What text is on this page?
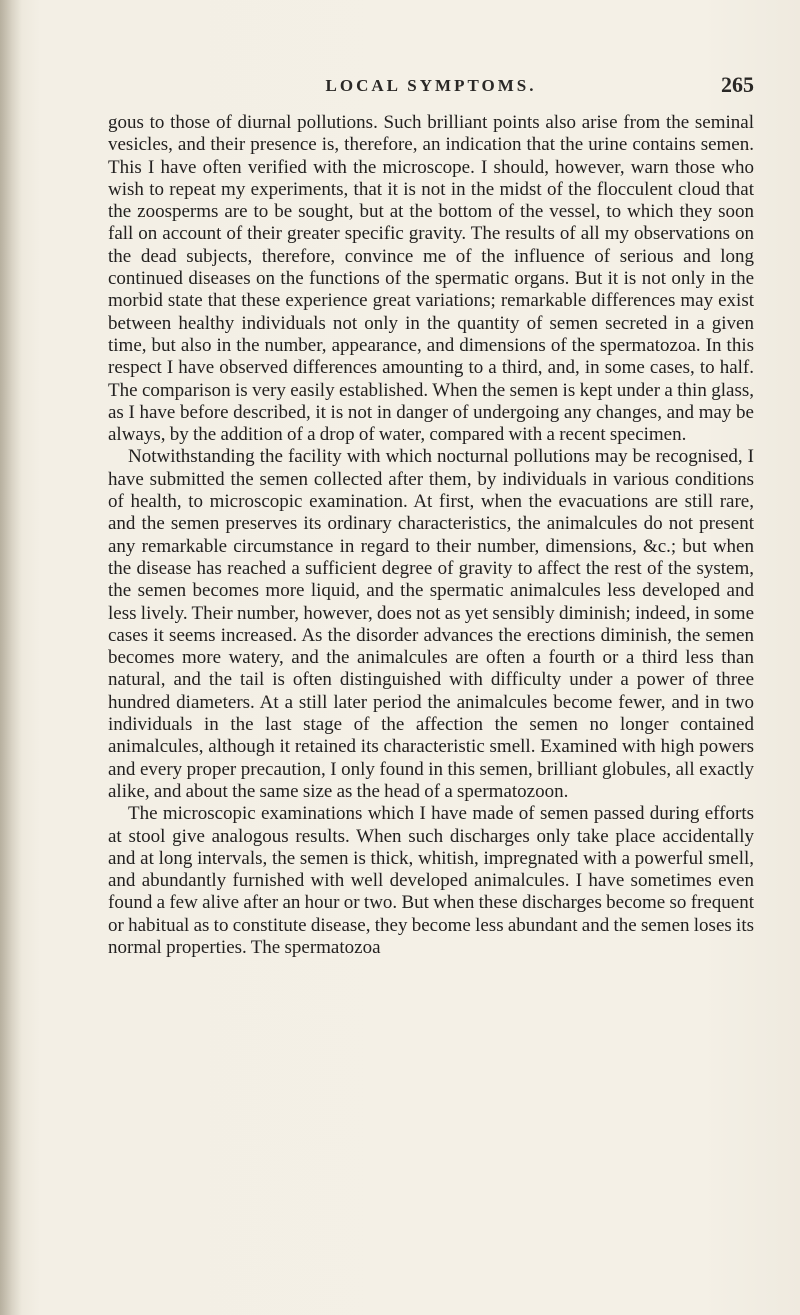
LOCAL SYMPTOMS.	265

gous to those of diurnal pollutions. Such brilliant points also arise from the seminal vesicles, and their presence is, therefore, an indication that the urine contains semen. This I have often verified with the microscope. I should, however, warn those who wish to repeat my experiments, that it is not in the midst of the flocculent cloud that the zoosperms are to be sought, but at the bottom of the vessel, to which they soon fall on account of their greater specific gravity. The results of all my observations on the dead subjects, therefore, convince me of the influence of serious and long continued diseases on the functions of the spermatic organs. But it is not only in the morbid state that these experience great variations; remarkable differences may exist between healthy individuals not only in the quantity of semen secreted in a given time, but also in the number, appearance, and dimensions of the spermatozoa. In this respect I have observed differences amounting to a third, and, in some cases, to half. The comparison is very easily established. When the semen is kept under a thin glass, as I have before described, it is not in danger of undergoing any changes, and may be always, by the addition of a drop of water, compared with a recent specimen.

Notwithstanding the facility with which nocturnal pollutions may be recognised, I have submitted the semen collected after them, by individuals in various conditions of health, to microscopic examination. At first, when the evacuations are still rare, and the semen preserves its ordinary characteristics, the animalcules do not present any remarkable circumstance in regard to their number, dimensions, &c.; but when the disease has reached a sufficient degree of gravity to affect the rest of the system, the semen becomes more liquid, and the spermatic animalcules less developed and less lively. Their number, however, does not as yet sensibly diminish; indeed, in some cases it seems increased. As the disorder advances the erections diminish, the semen becomes more watery, and the animalcules are often a fourth or a third less than natural, and the tail is often distinguished with difficulty under a power of three hundred diameters. At a still later period the animalcules become fewer, and in two individuals in the last stage of the affection the semen no longer contained animalcules, although it retained its characteristic smell. Examined with high powers and every proper precaution, I only found in this semen, brilliant globules, all exactly alike, and about the same size as the head of a spermatozoon.

The microscopic examinations which I have made of semen passed during efforts at stool give analogous results. When such discharges only take place accidentally and at long intervals, the semen is thick, whitish, impregnated with a powerful smell, and abundantly furnished with well developed animalcules. I have sometimes even found a few alive after an hour or two. But when these discharges become so frequent or habitual as to constitute disease, they become less abundant and the semen loses its normal properties. The spermatozoa
